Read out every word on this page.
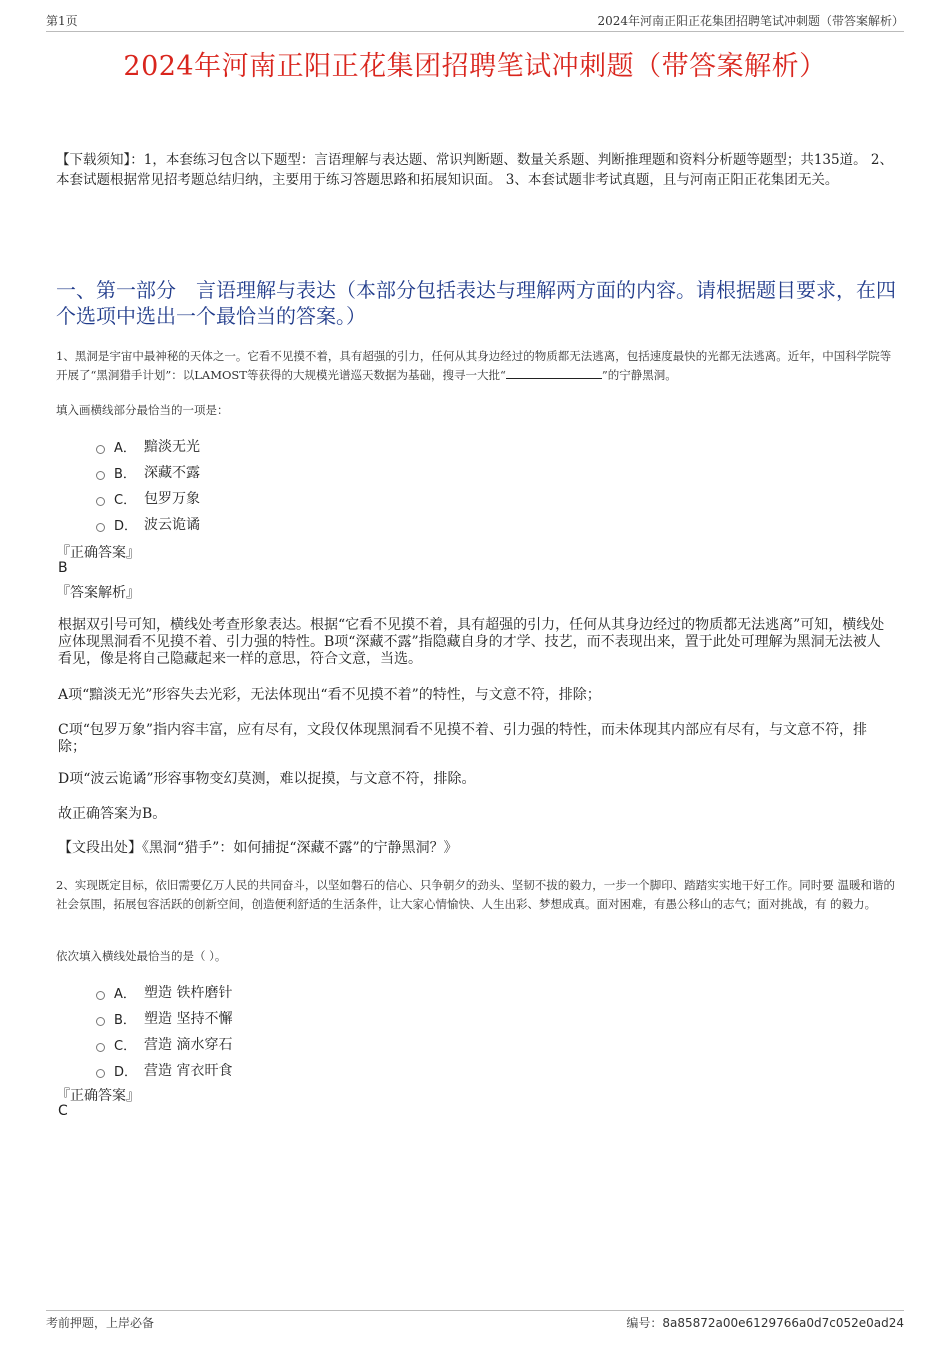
第1页	2024年河南正阳正花集团招聘笔试冲刺题（带答案解析）
2024年河南正阳正花集团招聘笔试冲刺题（带答案解析）
【下载须知】：1，本套练习包含以下题型：言语理解与表达题、常识判断题、数量关系题、判断推理题和资料分析题等题型；共135道。 2、本套试题根据常见招考题总结归纳，主要用于练习答题思路和拓展知识面。 3、本套试题非考试真题，且与河南正阳正花集团无关。
一、第一部分 言语理解与表达（本部分包括表达与理解两方面的内容。请根据题目要求，在四个选项中选出一个最恰当的答案。）
1、黑洞是宇宙中最神秘的天体之一。它看不见摸不着，具有超强的引力，任何从其身边经过的物质都无法逃离，包括速度最快的光都无法逃离。近年，中国科学院等开展了“黑洞猎手计划”：以LAMOST等获得的大规模光谱巡天数据为基础，搜寻一大批“	”的宁静黑洞。
填入画横线部分最恰当的一项是：
A． 黯淡无光
B． 深藏不露
C． 包罗万象
D． 波云诡谲
『正确答案』
B
『答案解析』
根据双引号可知，横线处考查形象表达。根据“它看不见摸不着，具有超强的引力，任何从其身边经过的物质都无法逃离”可知，横线处应体现黑洞看不见摸不着、引力强的特性。B项“深藏不露”指隐藏自身的才学、技艺，而不表现出来，置于此处可理解为黑洞无法被人看见，像是将自己隐藏起来一样的意思，符合文意，当选。
A项“黯淡无光”形容失去光彩，无法体现出“看不见摸不着”的特性，与文意不符，排除；
C项“包罗万象”指内容丰富，应有尽有，文段仅体现黑洞看不见摸不着、引力强的特性，而未体现其内部应有尽有，与文意不符，排除；
D项“波云诡谲”形容事物变幻莫测，难以捉摸，与文意不符，排除。
故正确答案为B。
【文段出处】《黑洞“猎手”：如何捕捉“深藏不露”的宁静黑洞？》
2、实现既定目标，依旧需要亿万人民的共同奋斗，以坚如磐石的信心、只争朝夕的劲头、坚韧不拔的毅力，一步一个脚印、踏踏实实地干好工作。同时要 温暖和谐的社会氛围，拓展包容活跃的创新空间，创造便利舒适的生活条件，让大家心情愉快、人生出彩、梦想成真。面对困难，有愚公移山的志气；面对挑战，有 的毅力。
依次填入横线处最恰当的是（ ）。
A． 塑造 铁杵磨针
B． 塑造 坚持不懈
C． 营造 滴水穿石
D． 营造 宵衣旰食
『正确答案』
C
考前押题，上岸必备	编号：8a85872a00e6129766a0d7c052e0ad24
